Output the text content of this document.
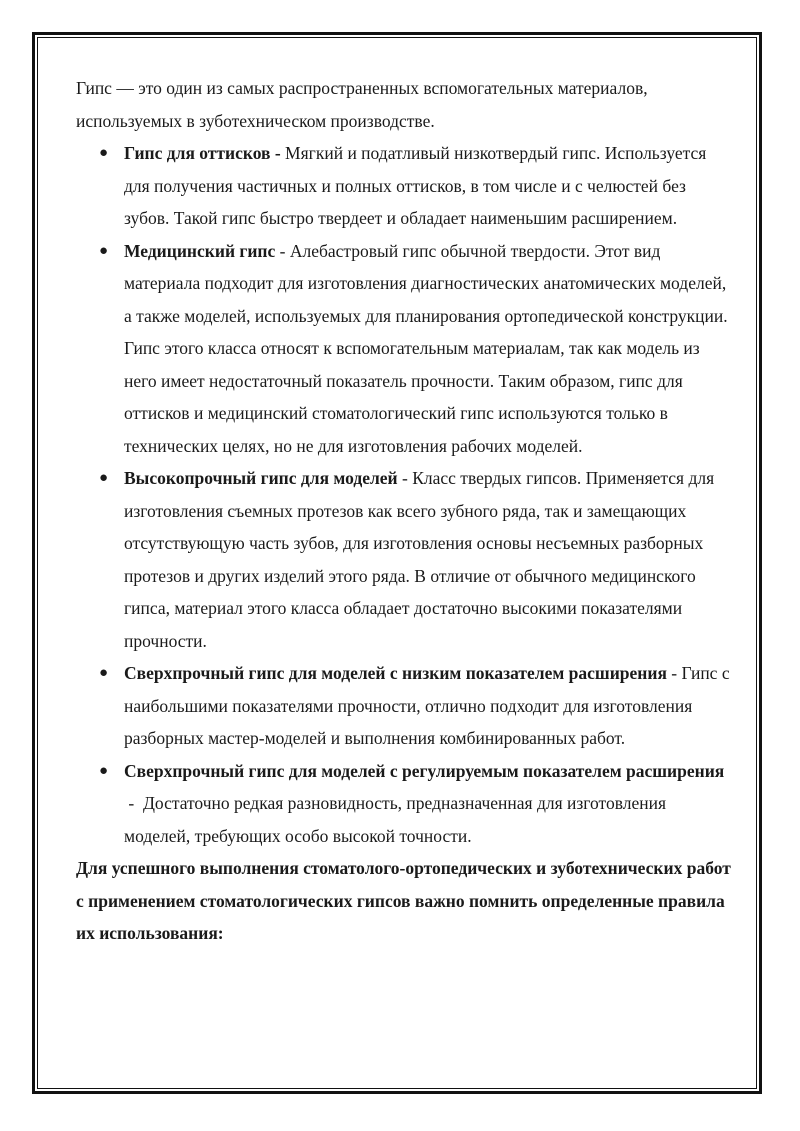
Гипс — это один из самых распространенных вспомогательных материалов, используемых в зуботехническом производстве.

● Гипс для оттисков - Мягкий и податливый низкотвердый гипс. Используется для получения частичных и полных оттисков, в том числе и с челюстей без зубов. Такой гипс быстро твердеет и обладает наименьшим расширением.
● Медицинский гипс - Алебастровый гипс обычной твердости. Этот вид материала подходит для изготовления диагностических анатомических моделей, а также моделей, используемых для планирования ортопедической конструкции. Гипс этого класса относят к вспомогательным материалам, так как модель из него имеет недостаточный показатель прочности. Таким образом, гипс для оттисков и медицинский стоматологический гипс используются только в технических целях, но не для изготовления рабочих моделей.
● Высокопрочный гипс для моделей - Класс твердых гипсов. Применяется для изготовления съемных протезов как всего зубного ряда, так и замещающих отсутствующую часть зубов, для изготовления основы несъемных разборных протезов и других изделий этого ряда. В отличие от обычного медицинского гипса, материал этого класса обладает достаточно высокими показателями прочности.
● Сверхпрочный гипс для моделей с низким показателем расширения - Гипс с наибольшими показателями прочности, отлично подходит для изготовления разборных мастер-моделей и выполнения комбинированных работ.
● Сверхпрочный гипс для моделей с регулируемым показателем расширения -  Достаточно редкая разновидность, предназначенная для изготовления моделей, требующих особо высокой точности.

Для успешного выполнения стоматолого-ортопедических и зуботехнических работ с применением стоматологических гипсов важно помнить определенные правила их использования:
